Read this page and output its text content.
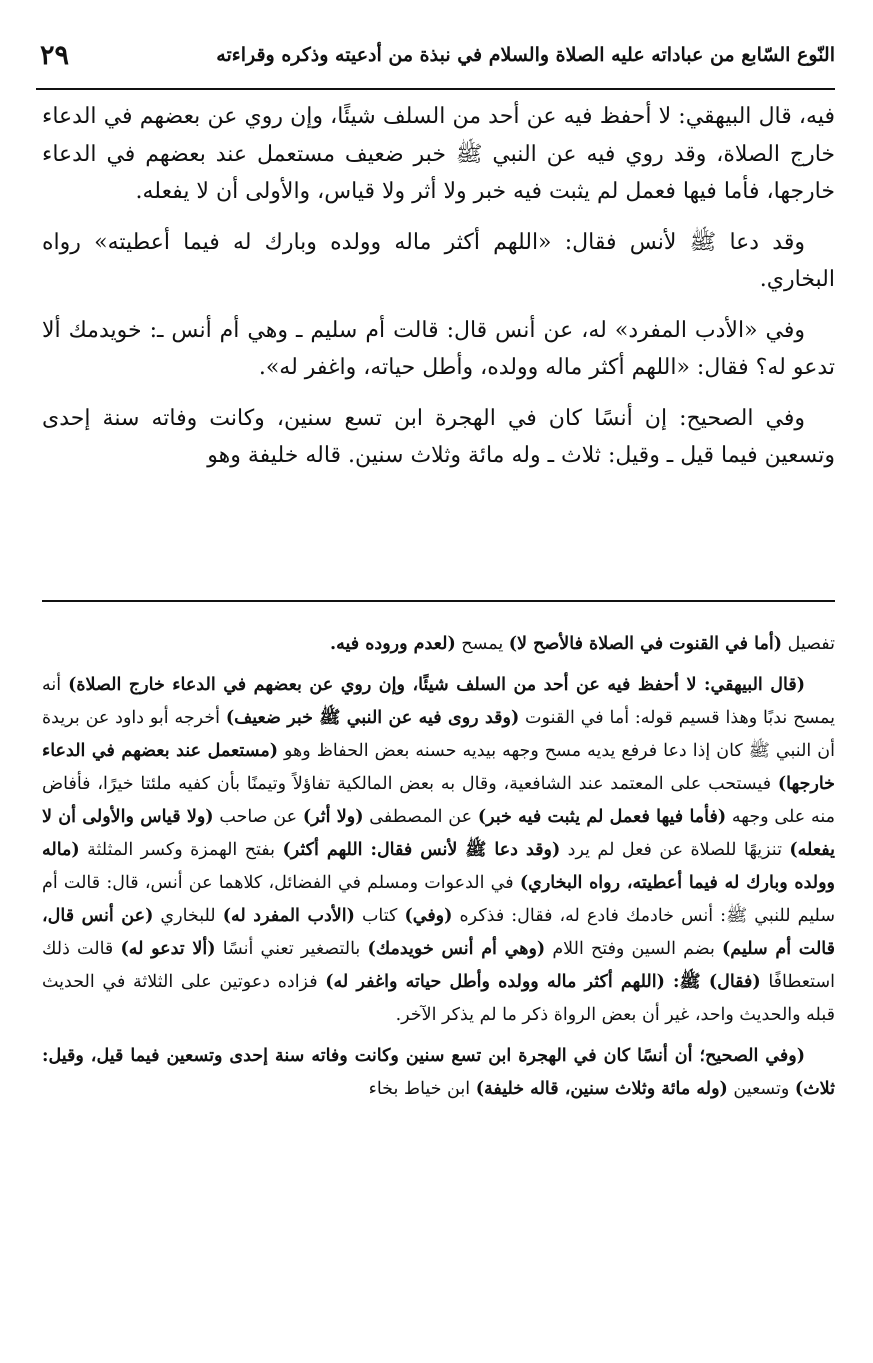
النّوع السّابع من عباداته عليه الصلاة والسلام في نبذة من أدعيته وذكره وقراءته
٢٩

فيه، قال البيهقي: لا أحفظ فيه عن أحد من السلف شيئًا، وإن روي عن بعضهم في الدعاء خارج الصلاة، وقد روي فيه عن النبي ﷺ خبر ضعيف مستعمل عند بعضهم في الدعاء خارجها، فأما فيها فعمل لم يثبت فيه خبر ولا أثر ولا قياس، والأولى أن لا يفعله.

وقد دعا ﷺ لأنس فقال: «اللهم أكثر ماله وولده وبارك له فيما أعطيته» رواه البخاري.

وفي «الأدب المفرد» له، عن أنس قال: قالت أم سليم ـ وهي أم أنس ـ: خويدمك ألا تدعو له؟ فقال: «اللهم أكثر ماله وولده، وأطل حياته، واغفر له».

وفي الصحيح: إن أنسًا كان في الهجرة ابن تسع سنين، وكانت وفاته سنة إحدى وتسعين فيما قيل ـ وقيل: ثلاث ـ وله مائة وثلاث سنين. قاله خليفة وهو

تفصيل (أما في القنوت في الصلاة فالأصح لا) يمسح (لعدم وروده فيه.

(قال البيهقي: لا أحفظ فيه عن أحد من السلف شيئًا، وإن روي عن بعضهم في الدعاء خارج الصلاة) أنه يمسح ندبًا وهذا قسيم قوله: أما في القنوت (وقد روى فيه عن النبي ﷺ خبر ضعيف) أخرجه أبو داود عن بريدة أن النبي ﷺ كان إذا دعا فرفع يديه مسح وجهه بيديه حسنه بعض الحفاظ وهو (مستعمل عند بعضهم في الدعاء خارجها) فيستحب على المعتمد عند الشافعية، وقال به بعض المالكية تفاؤلاً وتيمنًا بأن كفيه ملئتا خيرًا، فأفاض منه على وجهه (فأما فيها فعمل لم يثبت فيه خبر) عن المصطفى (ولا أثر) عن صاحب (ولا قياس والأولى أن لا يفعله) تنزيهًا للصلاة عن فعل لم يرد (وقد دعا ﷺ لأنس فقال: اللهم أكثر) بفتح الهمزة وكسر المثلثة (ماله وولده وبارك له فيما أعطيته، رواه البخاري) في الدعوات ومسلم في الفضائل، كلاهما عن أنس، قال: قالت أم سليم للنبي ﷺ: أنس خادمك فادع له، فقال: فذكره (وفي) كتاب (الأدب المفرد له) للبخاري (عن أنس قال، قالت أم سليم) بضم السين وفتح اللام (وهي أم أنس خويدمك) بالتصغير تعني أنسًا (ألا تدعو له) قالت ذلك استعطافًا (فقال) ﷺ: (اللهم أكثر ماله وولده وأطل حياته واغفر له) فزاده دعوتين على الثلاثة في الحديث قبله والحديث واحد، غير أن بعض الرواة ذكر ما لم يذكر الآخر.

(وفي الصحيح؛ أن أنسًا كان في الهجرة ابن تسع سنين وكانت وفاته سنة إحدى وتسعين فيما قيل، وقيل: ثلاث) وتسعين (وله مائة وثلاث سنين، قاله خليفة) ابن خياط بخاء
